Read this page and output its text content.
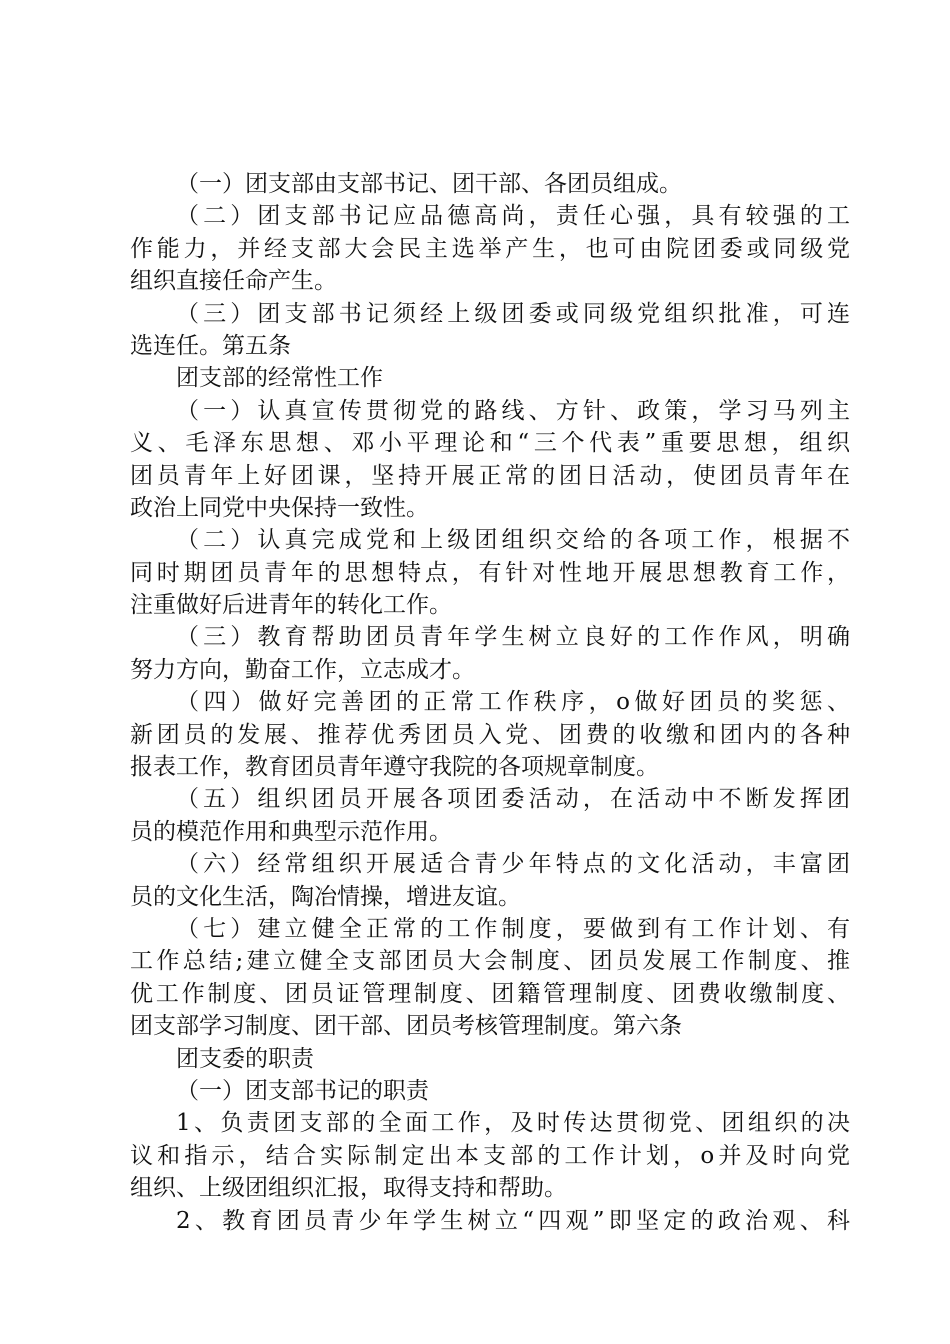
（一）团支部由支部书记、团干部、各团员组成。
（二）团支部书记应品德高尚，责任心强，具有较强的工
作能力，并经支部大会民主选举产生，也可由院团委或同级党
组织直接任命产生。
（三）团支部书记须经上级团委或同级党组织批准，可连
选连任。第五条
团支部的经常性工作
（一）认真宣传贯彻党的路线、方针、政策，学习马列主
义、毛泽东思想、邓小平理论和“三个代表”重要思想，组织
团员青年上好团课，坚持开展正常的团日活动，使团员青年在
政治上同党中央保持一致性。
（二）认真完成党和上级团组织交给的各项工作，根据不
同时期团员青年的思想特点，有针对性地开展思想教育工作，
注重做好后进青年的转化工作。
（三）教育帮助团员青年学生树立良好的工作作风，明确
努力方向，勤奋工作，立志成才。
（四）做好完善团的正常工作秩序，o做好团员的奖惩、
新团员的发展、推荐优秀团员入党、团费的收缴和团内的各种
报表工作，教育团员青年遵守我院的各项规章制度。
（五）组织团员开展各项团委活动，在活动中不断发挥团
员的模范作用和典型示范作用。
（六）经常组织开展适合青少年特点的文化活动，丰富团
员的文化生活，陶冶情操，增进友谊。
（七）建立健全正常的工作制度，要做到有工作计划、有
工作总结;建立健全支部团员大会制度、团员发展工作制度、推
优工作制度、团员证管理制度、团籍管理制度、团费收缴制度、
团支部学习制度、团干部、团员考核管理制度。第六条
团支委的职责
（一）团支部书记的职责
1、负责团支部的全面工作，及时传达贯彻党、团组织的决
议和指示，结合实际制定出本支部的工作计划，o并及时向党
组织、上级团组织汇报，取得支持和帮助。
2、教育团员青少年学生树立“四观”即坚定的政治观、科
